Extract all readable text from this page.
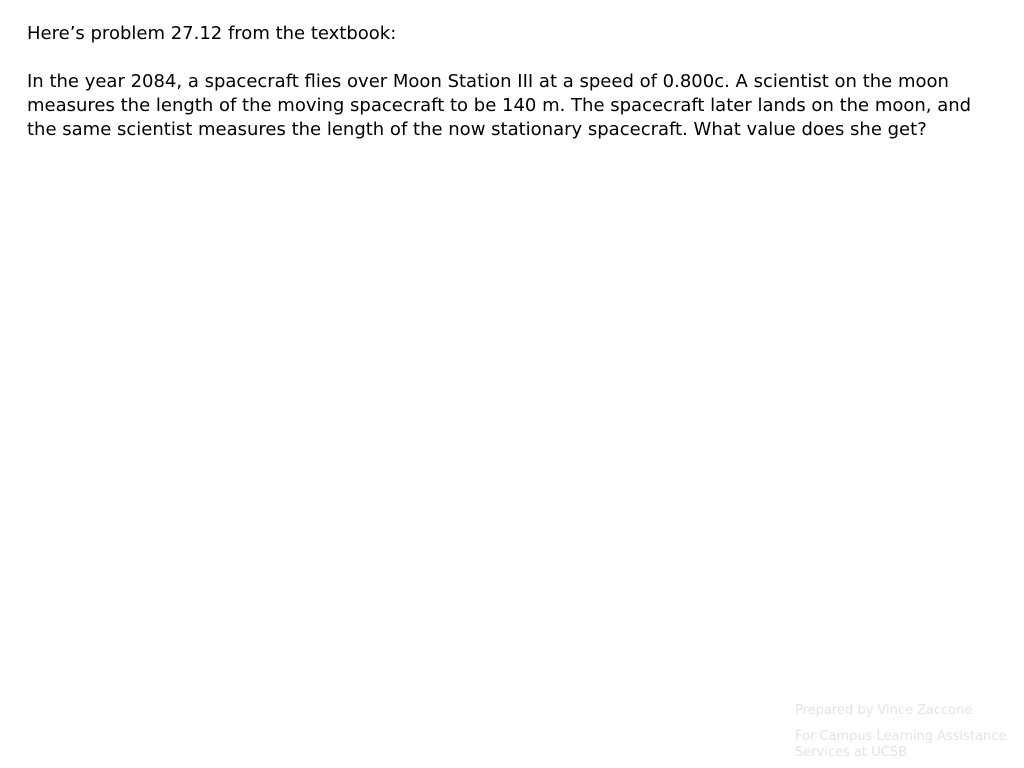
Here’s problem 27.12 from the textbook:

In the year 2084, a spacecraft flies over Moon Station III at a speed of 0.800c. A scientist on the moon measures the length of the moving spacecraft to be 140 m. The spacecraft later lands on the moon, and the same scientist measures the length of the now stationary spacecraft. What value does she get?

Prepared by Vince Zaccone

For Campus Learning Assistance Services at UCSB
